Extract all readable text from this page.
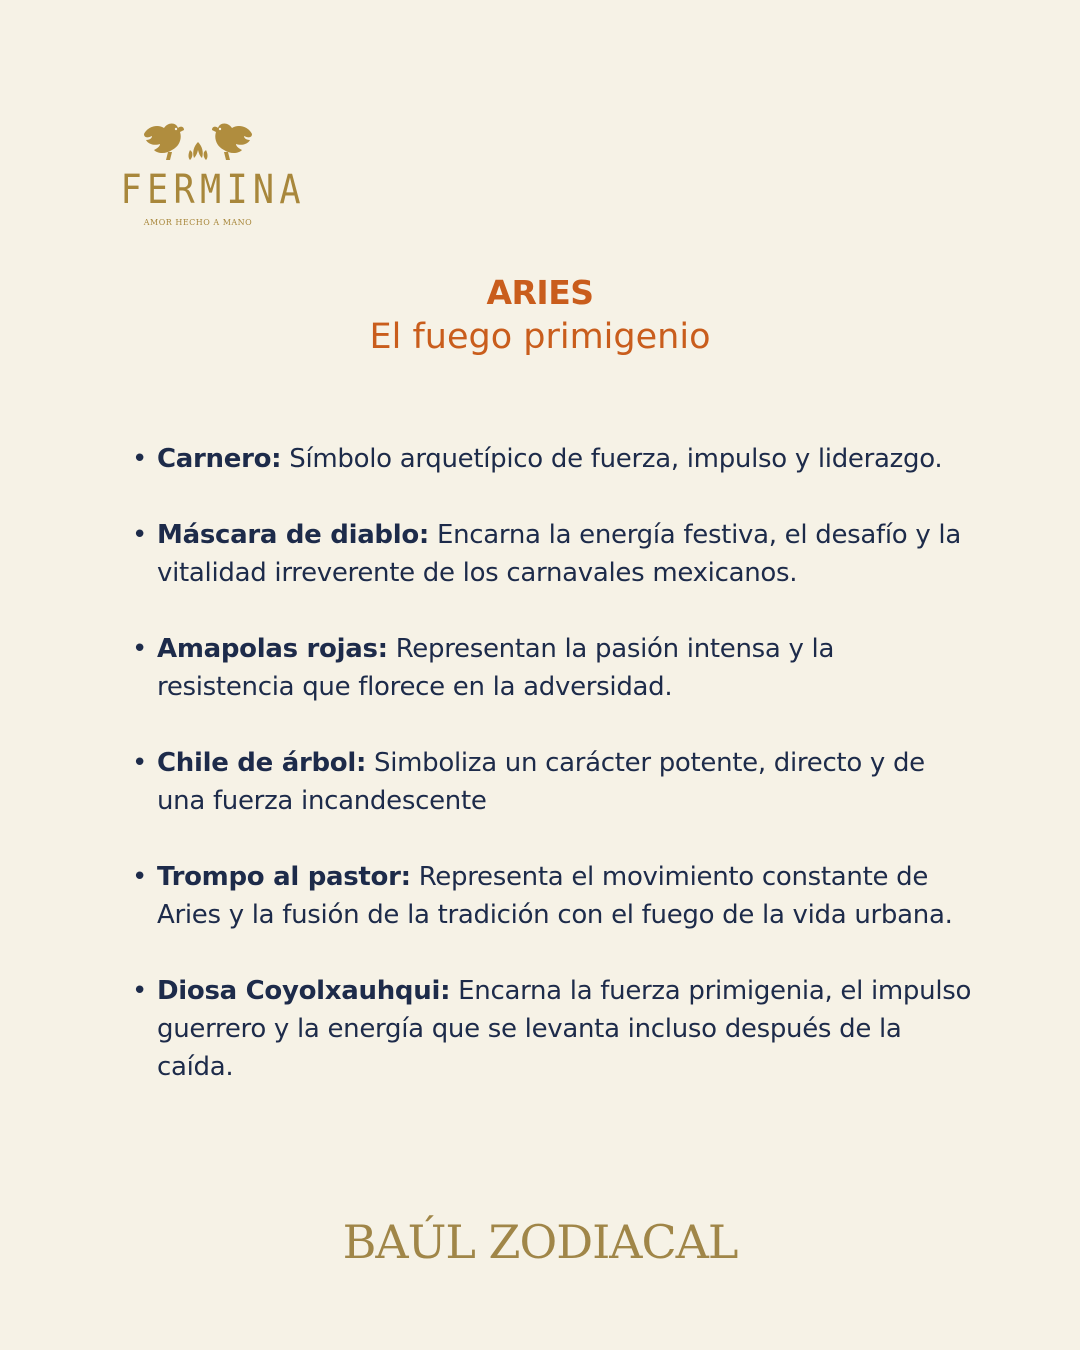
FERMINA
AMOR HECHO A MANO
ARIES
El fuego primigenio
• Carnero: Símbolo arquetípico de fuerza, impulso y liderazgo.
• Máscara de diablo: Encarna la energía festiva, el desafío y la vitalidad irreverente de los carnavales mexicanos.
• Amapolas rojas: Representan la pasión intensa y la resistencia que florece en la adversidad.
• Chile de árbol: Simboliza un carácter potente, directo y de una fuerza incandescente
• Trompo al pastor: Representa el movimiento constante de Aries y la fusión de la tradición con el fuego de la vida urbana.
• Diosa Coyolxauhqui: Encarna la fuerza primigenia, el impulso guerrero y la energía que se levanta incluso después de la caída.
BAÚL ZODIACAL
